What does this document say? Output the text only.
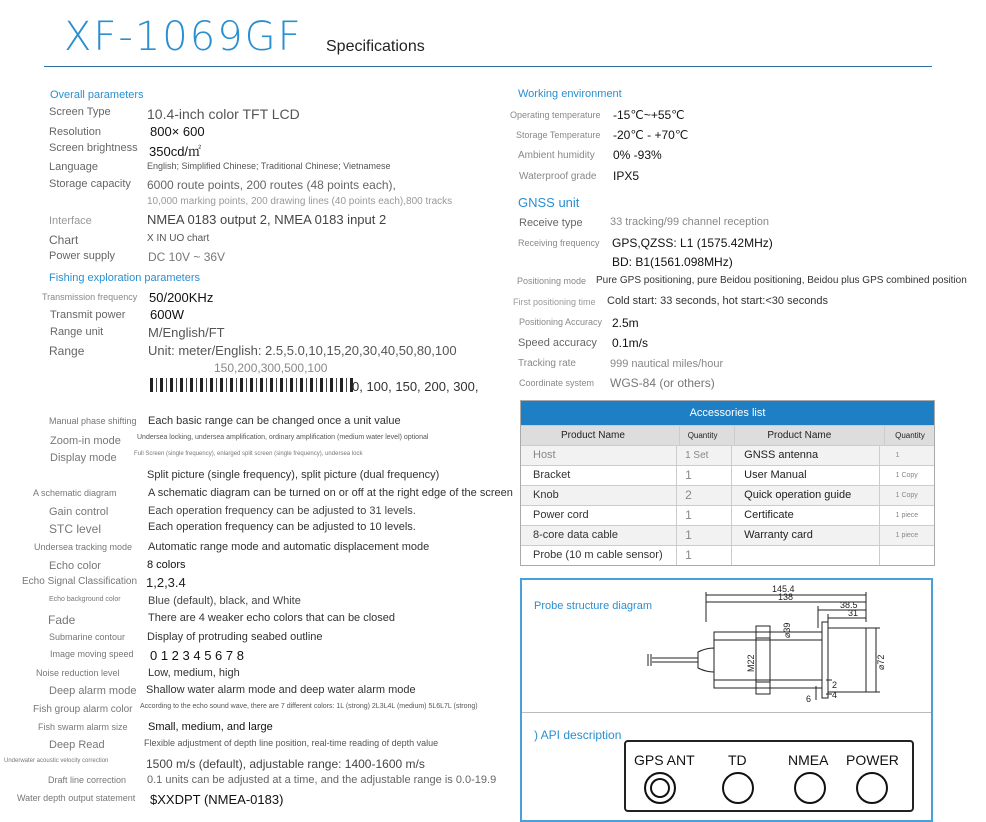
XF-1069GF Specifications
Overall parameters
Screen Type	10.4-inch color TFT LCD
Resolution	800× 600
Screen brightness 350cd/㎡
Language	English; Simplified Chinese; Traditional Chinese; Vietnamese
Storage capacity 6000 route points, 200 routes (48 points each),
10,000 marking points, 200 drawing lines (40 points each),800 tracks
Interface	NMEA 0183 output 2, NMEA 0183 input 2
Chart	X IN UO chart
Power supply	DC 10V ~ 36V
Fishing exploration parameters
Transmission frequency 50/200KHz
Transmit power 600W
Range unit	M/English/FT
Range	Unit: meter/English: 2.5,5.0,10,15,20,30,40,50,80,100
150,200,300,500,100
0, 100, 150, 200, 300,
Manual phase shifting Each basic range can be changed once a unit value
Zoom-in mode Undersea locking, undersea amplification, ordinary amplification (medium water level) optional
Display mode	Full Screen (single frequency), enlarged split screen (single frequency), undersea lock
Split picture (single frequency), split picture (dual frequency)
A schematic diagram	A schematic diagram can be turned on or off at the right edge of the screen
Gain control	Each operation frequency can be adjusted to 31 levels.
STC level	Each operation frequency can be adjusted to 10 levels.
Undersea tracking mode Automatic range mode and automatic displacement mode
Echo color	8 colors
Echo Signal Classification 1,2,3.4
Echo background color Blue (default), black, and White
Fade	There are 4 weaker echo colors that can be closed
Submarine contour Display of protruding seabed outline
Image moving speed 0 1 2 3 4 5 6 7 8
Noise reduction level	Low, medium, high
Deep alarm mode Shallow water alarm mode and deep water alarm mode
Fish group alarm color According to the echo sound wave, there are 7 different colors: 1L (strong) 2L3L4L (medium) 5L6L7L (strong)
Fish swarm alarm size Small, medium, and large
Deep Read	Flexible adjustment of depth line position, real-time reading of depth value
Underwater acoustic velocity correction	1500 m/s (default), adjustable range: 1400-1600 m/s
Draft line correction 0.1 units can be adjusted at a time, and the adjustable range is 0.0-19.9
Water depth output statement $XXDPT (NMEA-0183)
Working environment
Operating temperature -15℃~+55℃
Storage Temperature -20℃ - +70℃
Ambient humidity 0% -93%
Waterproof grade IPX5
GNSS unit
Receive type 33 tracking/99 channel reception
Receiving frequency GPS,QZSS: L1 (1575.42MHz)
BD: B1(1561.098MHz)
Positioning mode Pure GPS positioning, pure Beidou positioning, Beidou plus GPS combined position
First positioning time Cold start: 33 seconds, hot start:<30 seconds
Positioning Accuracy 2.5m
Speed accuracy 0.1m/s
Tracking rate	999 nautical miles/hour
Coordinate system WGS-84 (or others)
Accessories list
Product Name	Quantity	Product Name	Quantity
Host	1 Set	GNSS antenna	1
Bracket	1	User Manual	1 Copy
Knob	2	Quick operation guide	1 Copy
Power cord	1	Certificate	1 piece
8-core data cable	1	Warranty card	1 piece
Probe (10 m cable sensor)	1
Probe structure diagram
145.4
138
38.5
31
⌀39
M22	⌀72
6
2
4
) API description
GPS ANT TD	NMEA POWER
